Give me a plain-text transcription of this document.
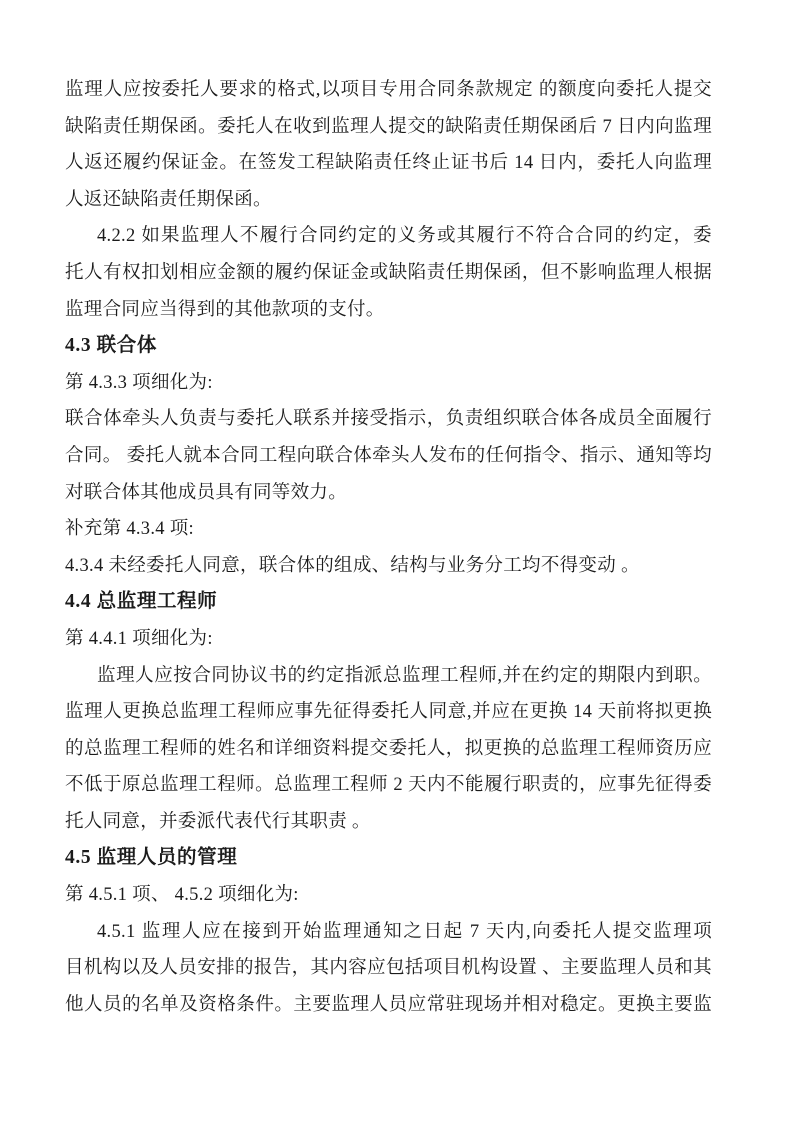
监理人应按委托人要求的格式,以项目专用合同条款规定 的额度向委托人提交
缺陷责任期保函。委托人在收到监理人提交的缺陷责任期保函后 7 日内向监理
人返还履约保证金。在签发工程缺陷责任终止证书后 14 日内，委托人向监理
人返还缺陷责任期保函。
4.2.2 如果监理人不履行合同约定的义务或其履行不符合合同的约定，委
托人有权扣划相应金额的履约保证金或缺陷责任期保函，但不影响监理人根据
监理合同应当得到的其他款项的支付。
4.3 联合体
第 4.3.3 项细化为:
联合体牵头人负责与委托人联系并接受指示，负责组织联合体各成员全面履行
合同。 委托人就本合同工程向联合体牵头人发布的任何指令、指示、通知等均
对联合体其他成员具有同等效力。
补充第 4.3.4 项:
4.3.4 未经委托人同意，联合体的组成、结构与业务分工均不得变动 。
4.4 总监理工程师
第 4.4.1 项细化为:
监理人应按合同协议书的约定指派总监理工程师,并在约定的期限内到职。
监理人更换总监理工程师应事先征得委托人同意,并应在更换 14 天前将拟更换
的总监理工程师的姓名和详细资料提交委托人，拟更换的总监理工程师资历应
不低于原总监理工程师。总监理工程师 2 天内不能履行职责的，应事先征得委
托人同意，并委派代表代行其职责 。
4.5 监理人员的管理
第 4.5.1 项、 4.5.2 项细化为:
4.5.1 监理人应在接到开始监理通知之日起 7 天内,向委托人提交监理项
目机构以及人员安排的报告，其内容应包括项目机构设置 、主要监理人员和其
他人员的名单及资格条件。主要监理人员应常驻现场并相对稳定。更换主要监
